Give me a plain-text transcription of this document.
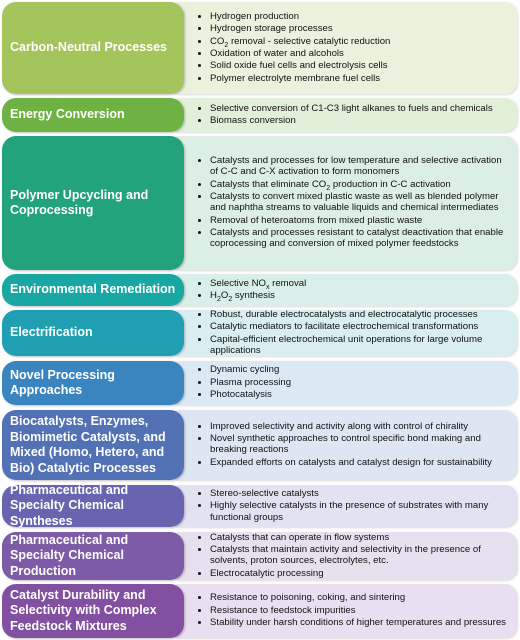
• Hydrogen production
• Hydrogen storage processes
• $CO_2$ removal - selective catalytic reduction
• Oxidation of water and alcohols
• Solid oxide fuel cells and electrolysis cells
• Polymer electrolyte membrane fuel cells
Carbon-Neutral Processes
• Selective conversion of C1-C3 light alkanes to fuels and chemicals
• Biomass conversion
Energy Conversion
• Catalysts and processes for low temperature and selective activation of C-C and C-X activation to form monomers
• Catalysts that eliminate $CO_2$ production in C-C activation
• Catalysts to convert mixed plastic waste as well as blended polymer and naphtha streams to valuable liquids and chemical intermediates
• Removal of heteroatoms from mixed plastic waste
• Catalysts and processes resistant to catalyst deactivation that enable coprocessing and conversion of mixed polymer feedstocks
Polymer Upcycling and Coprocessing
• Selective $NO_x$ removal
• $H_2O_2$ synthesis
Environmental Remediation
• Robust, durable electrocatalysts and electrocatalytic processes
• Catalytic mediators to facilitate electrochemical transformations
• Capital-efficient electrochemical unit operations for large volume applications
Electrification
• Dynamic cycling
• Plasma processing
• Photocatalysis
Novel Processing Approaches
• Improved selectivity and activity along with control of chirality
• Novel synthetic approaches to control specific bond making and breaking reactions
• Expanded efforts on catalysts and catalyst design for sustainability
Biocatalysts, Enzymes, Biomimetic Catalysts, and Mixed (Homo, Hetero, and Bio) Catalytic Processes
• Stereo-selective catalysts
• Highly selective catalysts in the presence of substrates with many functional groups
Pharmaceutical and Specialty Chemical Syntheses
• Catalysts that can operate in flow systems
• Catalysts that maintain activity and selectivity in the presence of solvents, proton sources, electrolytes, etc.
• Electrocatalytic processing
Pharmaceutical and Specialty Chemical Production
• Resistance to poisoning, coking, and sintering
• Resistance to feedstock impurities
• Stability under harsh conditions of higher temperatures and pressures
Catalyst Durability and Selectivity with Complex Feedstock Mixtures
